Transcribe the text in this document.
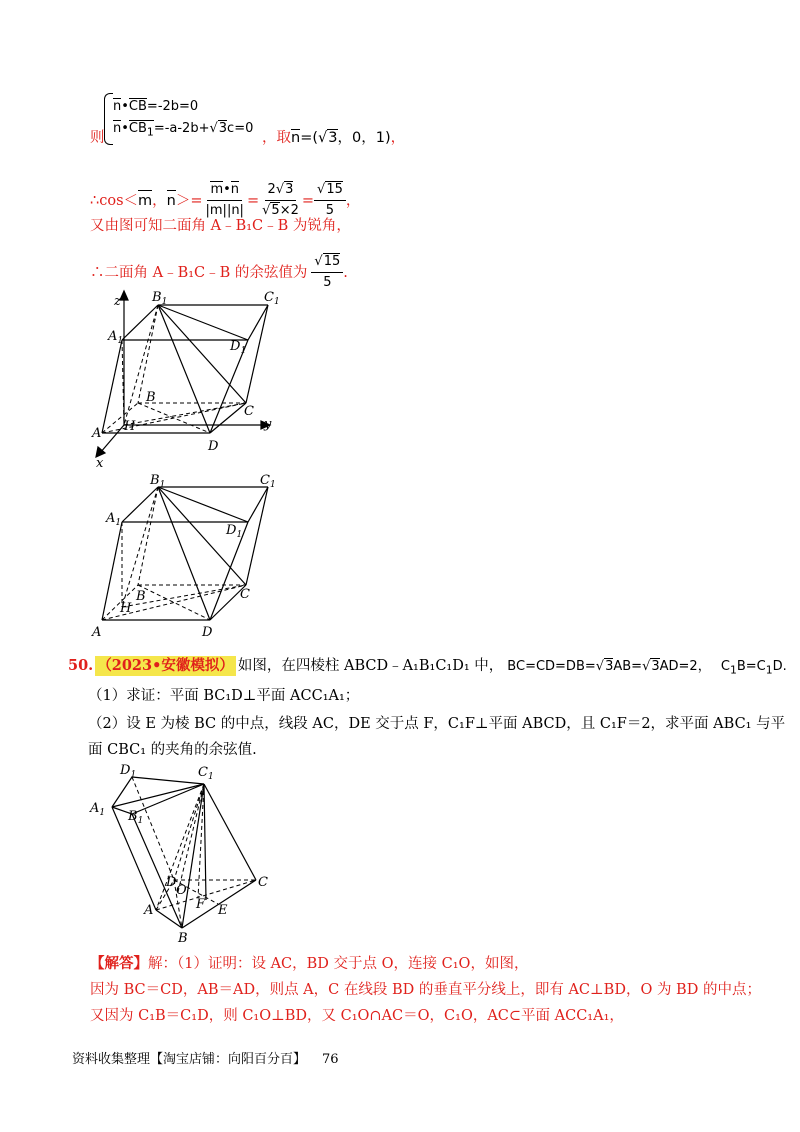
则
n•CB=-2b=0
$n•CB_1=-a-2b+√3c=0$
，取n=(√3，0，1)，
∴cos＜ m ， $n >= \frac{m•n}{|m||n|} = \frac{2√3}{√5\times 2} = \frac{√15}{5}$ ，
又由图可知二面角 A﹣B₁C﹣B 为锐角，
∴二面角 A﹣B₁C﹣B 的余弦值为 $\frac{√15}{5}$ .
z
y
x
$A_1$
$B_1$	$C_1$
$D_1$
B
C
A
D
H
$A_1$
$B_1$	$C_1$
$D_1$
B	C
A	D
H
50. （2023•安徽模拟） 如图，在四棱柱 ABCD﹣A₁B₁C₁D₁ 中， BC=CD=DB=√3AB=√3AD=2， $C_1B=C_1D$.
（1）求证：平面 BC₁D⊥平面 ACC₁A₁；
（2）设 E 为棱 BC 的中点，线段 AC，DE 交于点 F，C₁F⊥平面 ABCD，且 C₁F＝2，求平面 ABC₁ 与平
面 CBC₁ 的夹角的余弦值.
$D_1$	$C_1$
$A_1$ $B_1$
D
O
C
A	F E
B
【解答】解：（1）证明：设 AC，BD 交于点 O，连接 C₁O，如图，
因为 BC＝CD，AB＝AD，则点 A，C 在线段 BD 的垂直平分线上，即有 AC⊥BD，O 为 BD 的中点；
又因为 C₁B＝C₁D，则 C₁O⊥BD，又 C₁O∩AC＝O，C₁O，AC⊂平面 ACC₁A₁，
资料收集整理【淘宝店铺：向阳百分百】 76
